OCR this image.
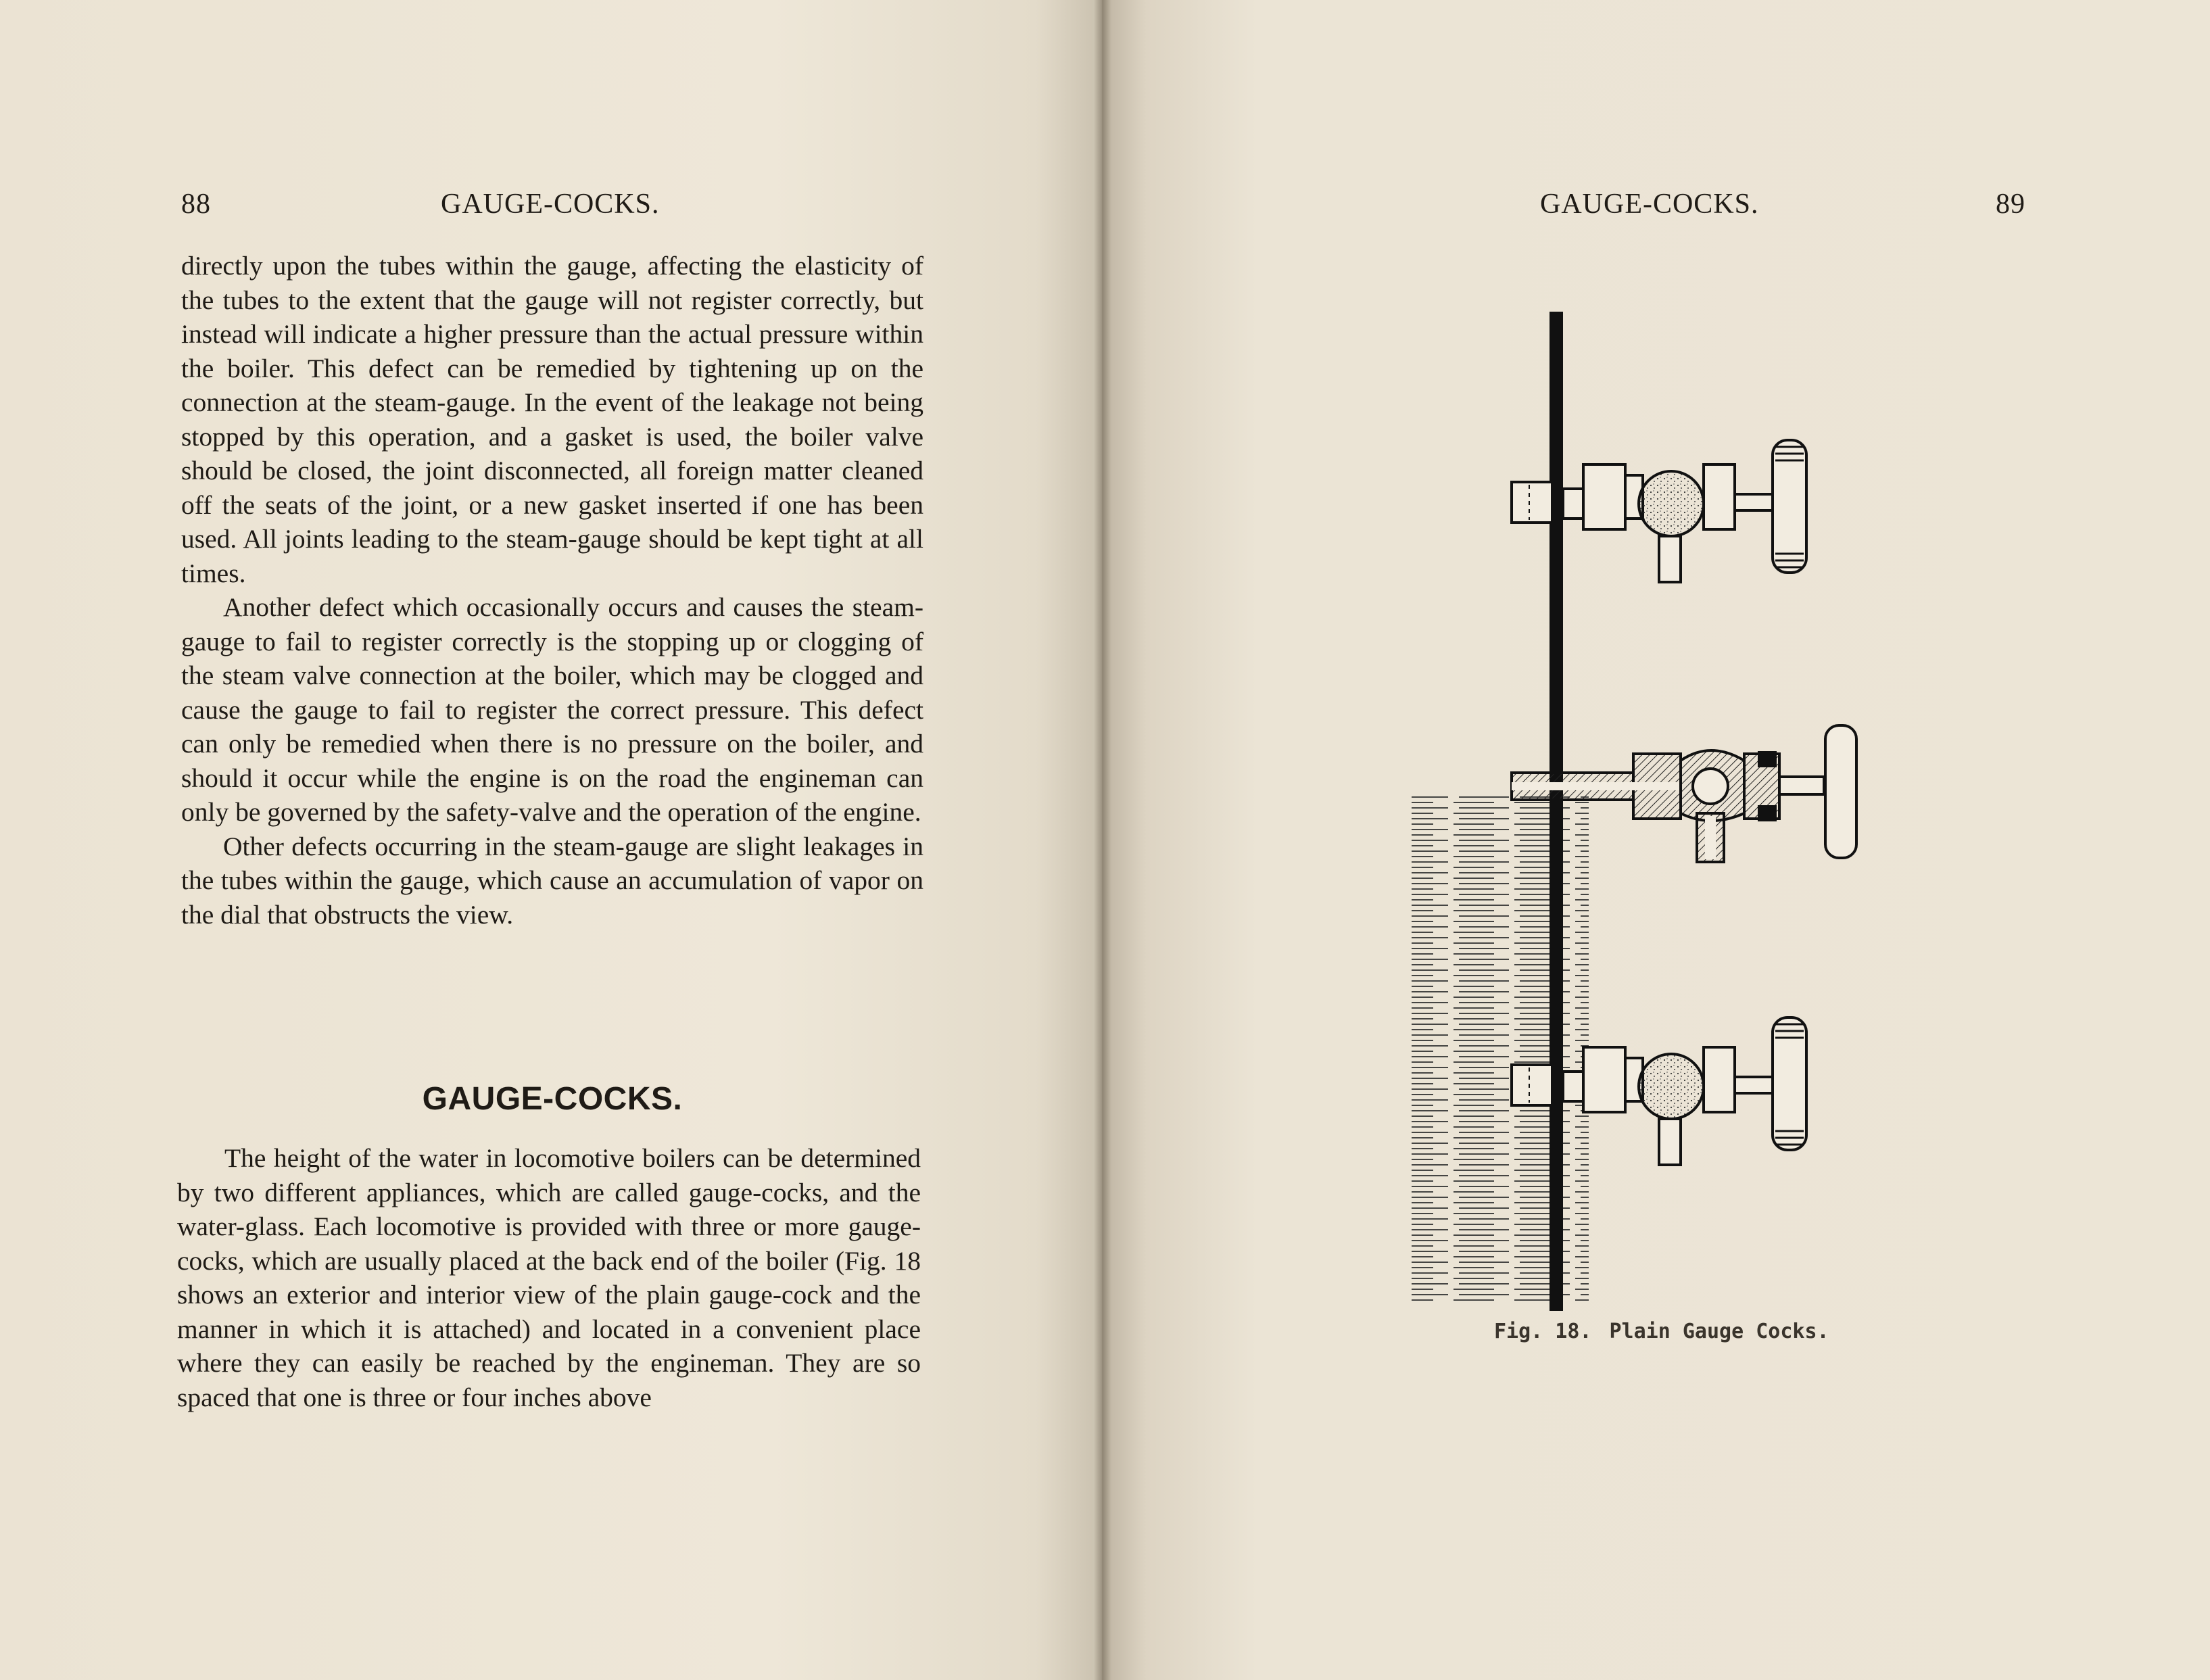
88	GAUGE-COCKS.

directly upon the tubes within the gauge, affecting the elasticity of the tubes to the extent that the gauge will not register correctly, but instead will indicate a higher pressure than the actual pressure within the boiler. This defect can be remedied by tightening up on the connection at the steam-gauge. In the event of the leakage not being stopped by this operation, and a gasket is used, the boiler valve should be closed, the joint disconnected, all foreign matter cleaned off the seats of the joint, or a new gasket inserted if one has been used. All joints leading to the steam-gauge should be kept tight at all times.

Another defect which occasionally occurs and causes the steam-gauge to fail to register correctly is the stopping up or clogging of the steam valve connection at the boiler, which may be clogged and cause the gauge to fail to register the correct pressure. This defect can only be remedied when there is no pressure on the boiler, and should it occur while the engine is on the road the engineman can only be governed by the safety-valve and the operation of the engine.

Other defects occurring in the steam-gauge are slight leakages in the tubes within the gauge, which cause an accumulation of vapor on the dial that obstructs the view.

GAUGE-COCKS.

The height of the water in locomotive boilers can be determined by two different appliances, which are called gauge-cocks, and the water-glass. Each locomotive is provided with three or more gauge-cocks, which are usually placed at the back end of the boiler (Fig. 18 shows an exterior and interior view of the plain gauge-cock and the manner in which it is attached) and located in a convenient place where they can easily be reached by the engineman. They are so spaced that one is three or four inches above

GAUGE-COCKS.	89
Fig. 18. Plain Gauge Cocks.
